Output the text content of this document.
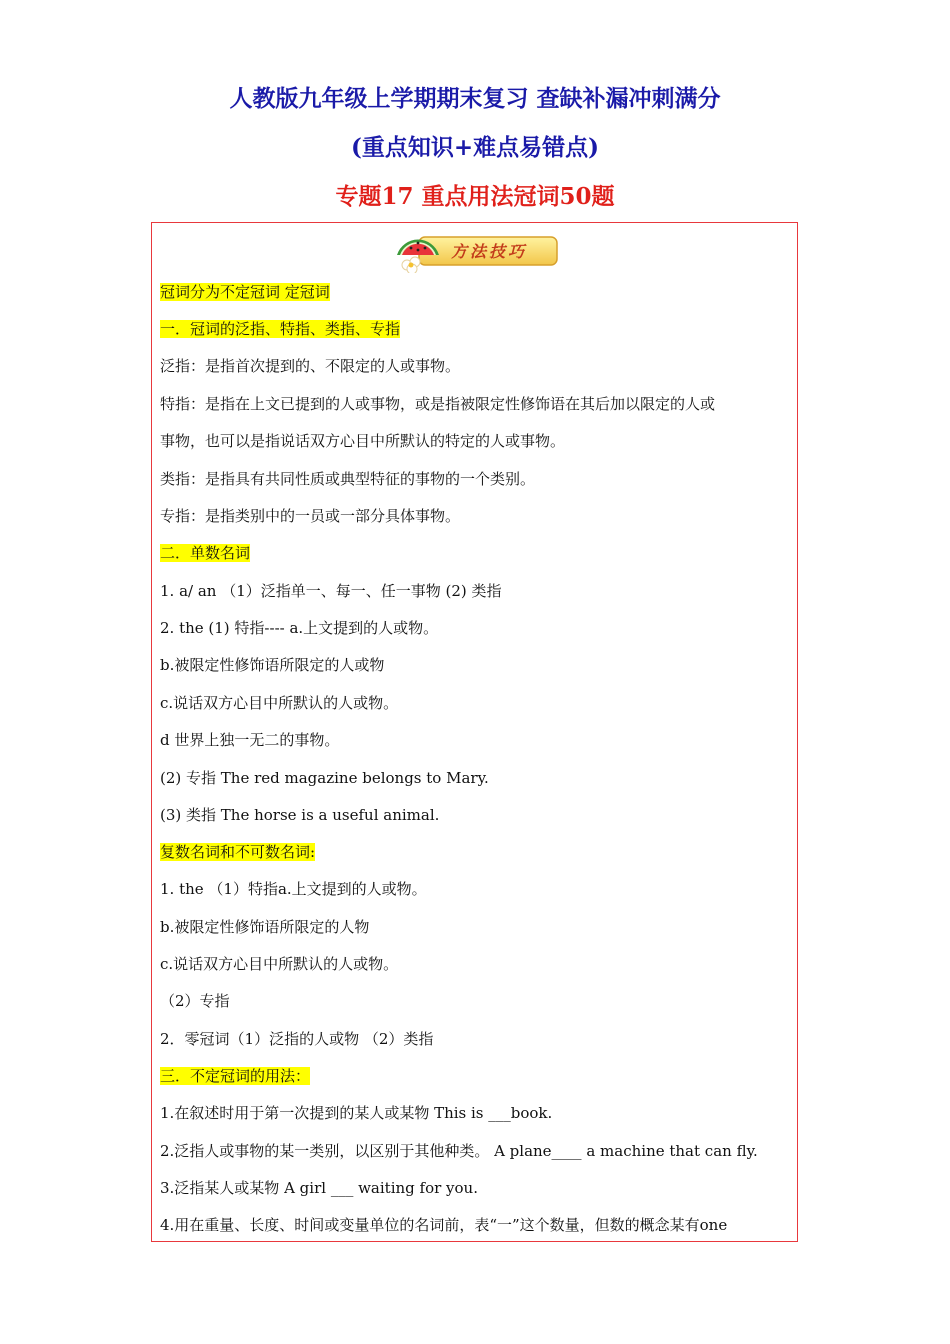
人教版九年级上学期期末复习 查缺补漏冲刺满分
(重点知识+难点易错点)
专题17 重点用法冠词50题
方法技巧
冠词分为不定冠词 定冠词
一．冠词的泛指、特指、类指、专指
泛指：是指首次提到的、不限定的人或事物。
特指：是指在上文已提到的人或事物，或是指被限定性修饰语在其后加以限定的人或
事物，也可以是指说话双方心目中所默认的特定的人或事物。
类指：是指具有共同性质或典型特征的事物的一个类别。
专指：是指类别中的一员或一部分具体事物。
二．单数名词
1. a/ an （1）泛指单一、每一、任一事物 (2) 类指
2. the (1) 特指---- a.上文提到的人或物。
b.被限定性修饰语所限定的人或物
c.说话双方心目中所默认的人或物。
d 世界上独一无二的事物。
(2) 专指 The red magazine belongs to Mary.
(3) 类指 The horse is a useful animal.
复数名词和不可数名词:
1. the （1）特指a.上文提到的人或物。
b.被限定性修饰语所限定的人物
c.说话双方心目中所默认的人或物。
（2）专指
2．零冠词（1）泛指的人或物 （2）类指
三．不定冠词的用法：
1.在叙述时用于第一次提到的某人或某物 This is ___book.
2.泛指人或事物的某一类别，以区别于其他种类。 A plane____ a machine that can fly.
3.泛指某人或某物 A girl ___ waiting for you.
4.用在重量、长度、时间或变量单位的名词前，表“一”这个数量，但数的概念某有one
